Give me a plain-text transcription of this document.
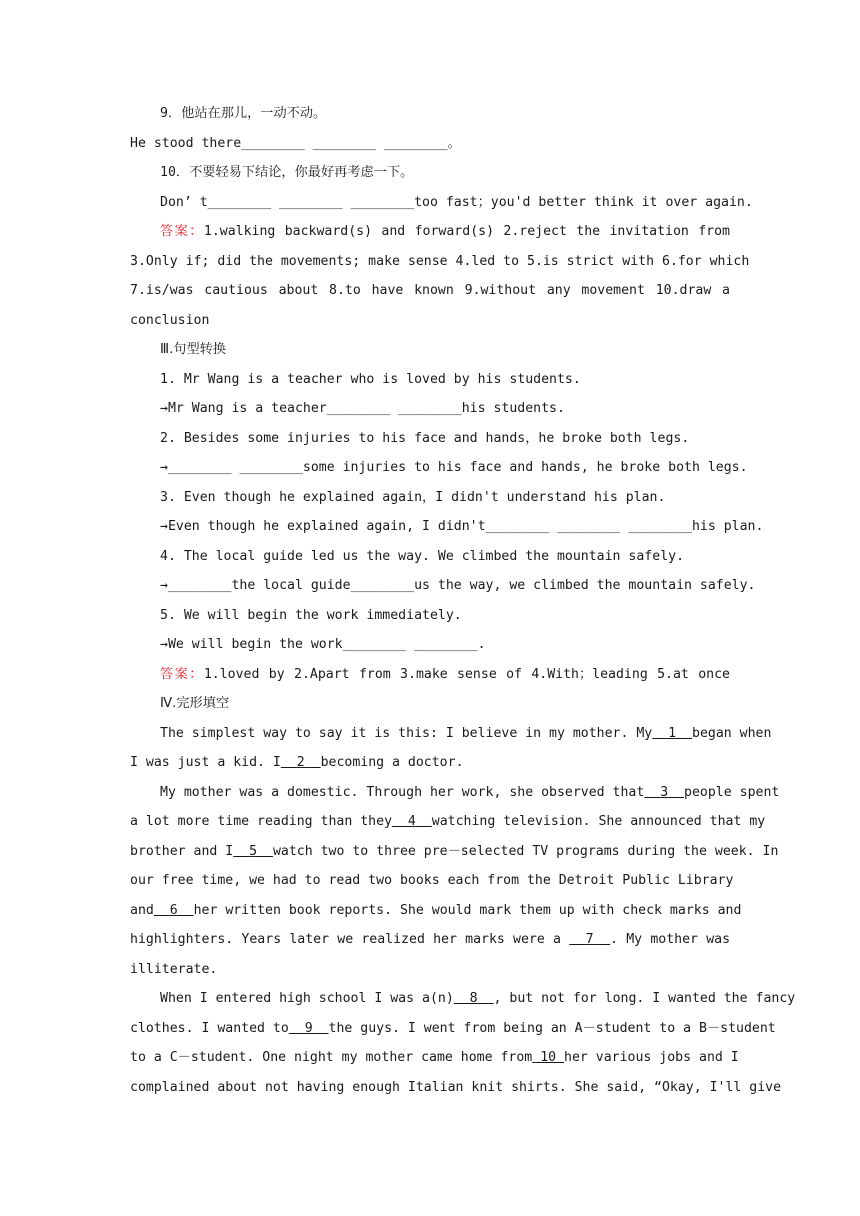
9．他站在那儿，一动不动。
He stood there________ ________ ________。
10．不要轻易下结论，你最好再考虑一下。
Don’ t________ ________ ________too fast；you'd better think it over again.
答案：1.walking backward(s) and forward(s) 2.reject the invitation from
3.Only if; did the movements; make sense 4.led to 5.is strict with 6.for which
7.is/was cautious about 8.to have known 9.without any movement 10.draw a
conclusion
Ⅲ.句型转换
1. Mr Wang is a teacher who is loved by his students.
→Mr Wang is a teacher________ ________his students.
2. Besides some injuries to his face and hands，he broke both legs.
→________ ________some injuries to his face and hands, he broke both legs.
3. Even though he explained again，I didn't understand his plan.
→Even though he explained again, I didn't________ ________ ________his plan.
4. The local guide led us the way. We climbed the mountain safely.
→________the local guide________us the way, we climbed the mountain safely.
5. We will begin the work immediately.
→We will begin the work________ ________.
答案：1.loved by 2.Apart from 3.make sense of 4.With；leading 5.at once
Ⅳ.完形填空
The simplest way to say it is this: I believe in my mother. My 1 began when
I was just a kid. I 2 becoming a doctor.
My mother was a domestic. Through her work, she observed that 3 people spent
a lot more time reading than they 4 watching television. She announced that my
brother and I 5 watch two to three pre－selected TV programs during the week. In
our free time, we had to read two books each from the Detroit Public Library
and 6 her written book reports. She would mark them up with check marks and
highlighters. Years later we realized her marks were a 7 . My mother was
illiterate.
When I entered high school I was a(n) 8 , but not for long. I wanted the fancy
clothes. I wanted to 9 the guys. I went from being an A－student to a B－student
to a C－student. One night my mother came home from 10 her various jobs and I
complained about not having enough Italian knit shirts. She said, “Okay, I'll give
